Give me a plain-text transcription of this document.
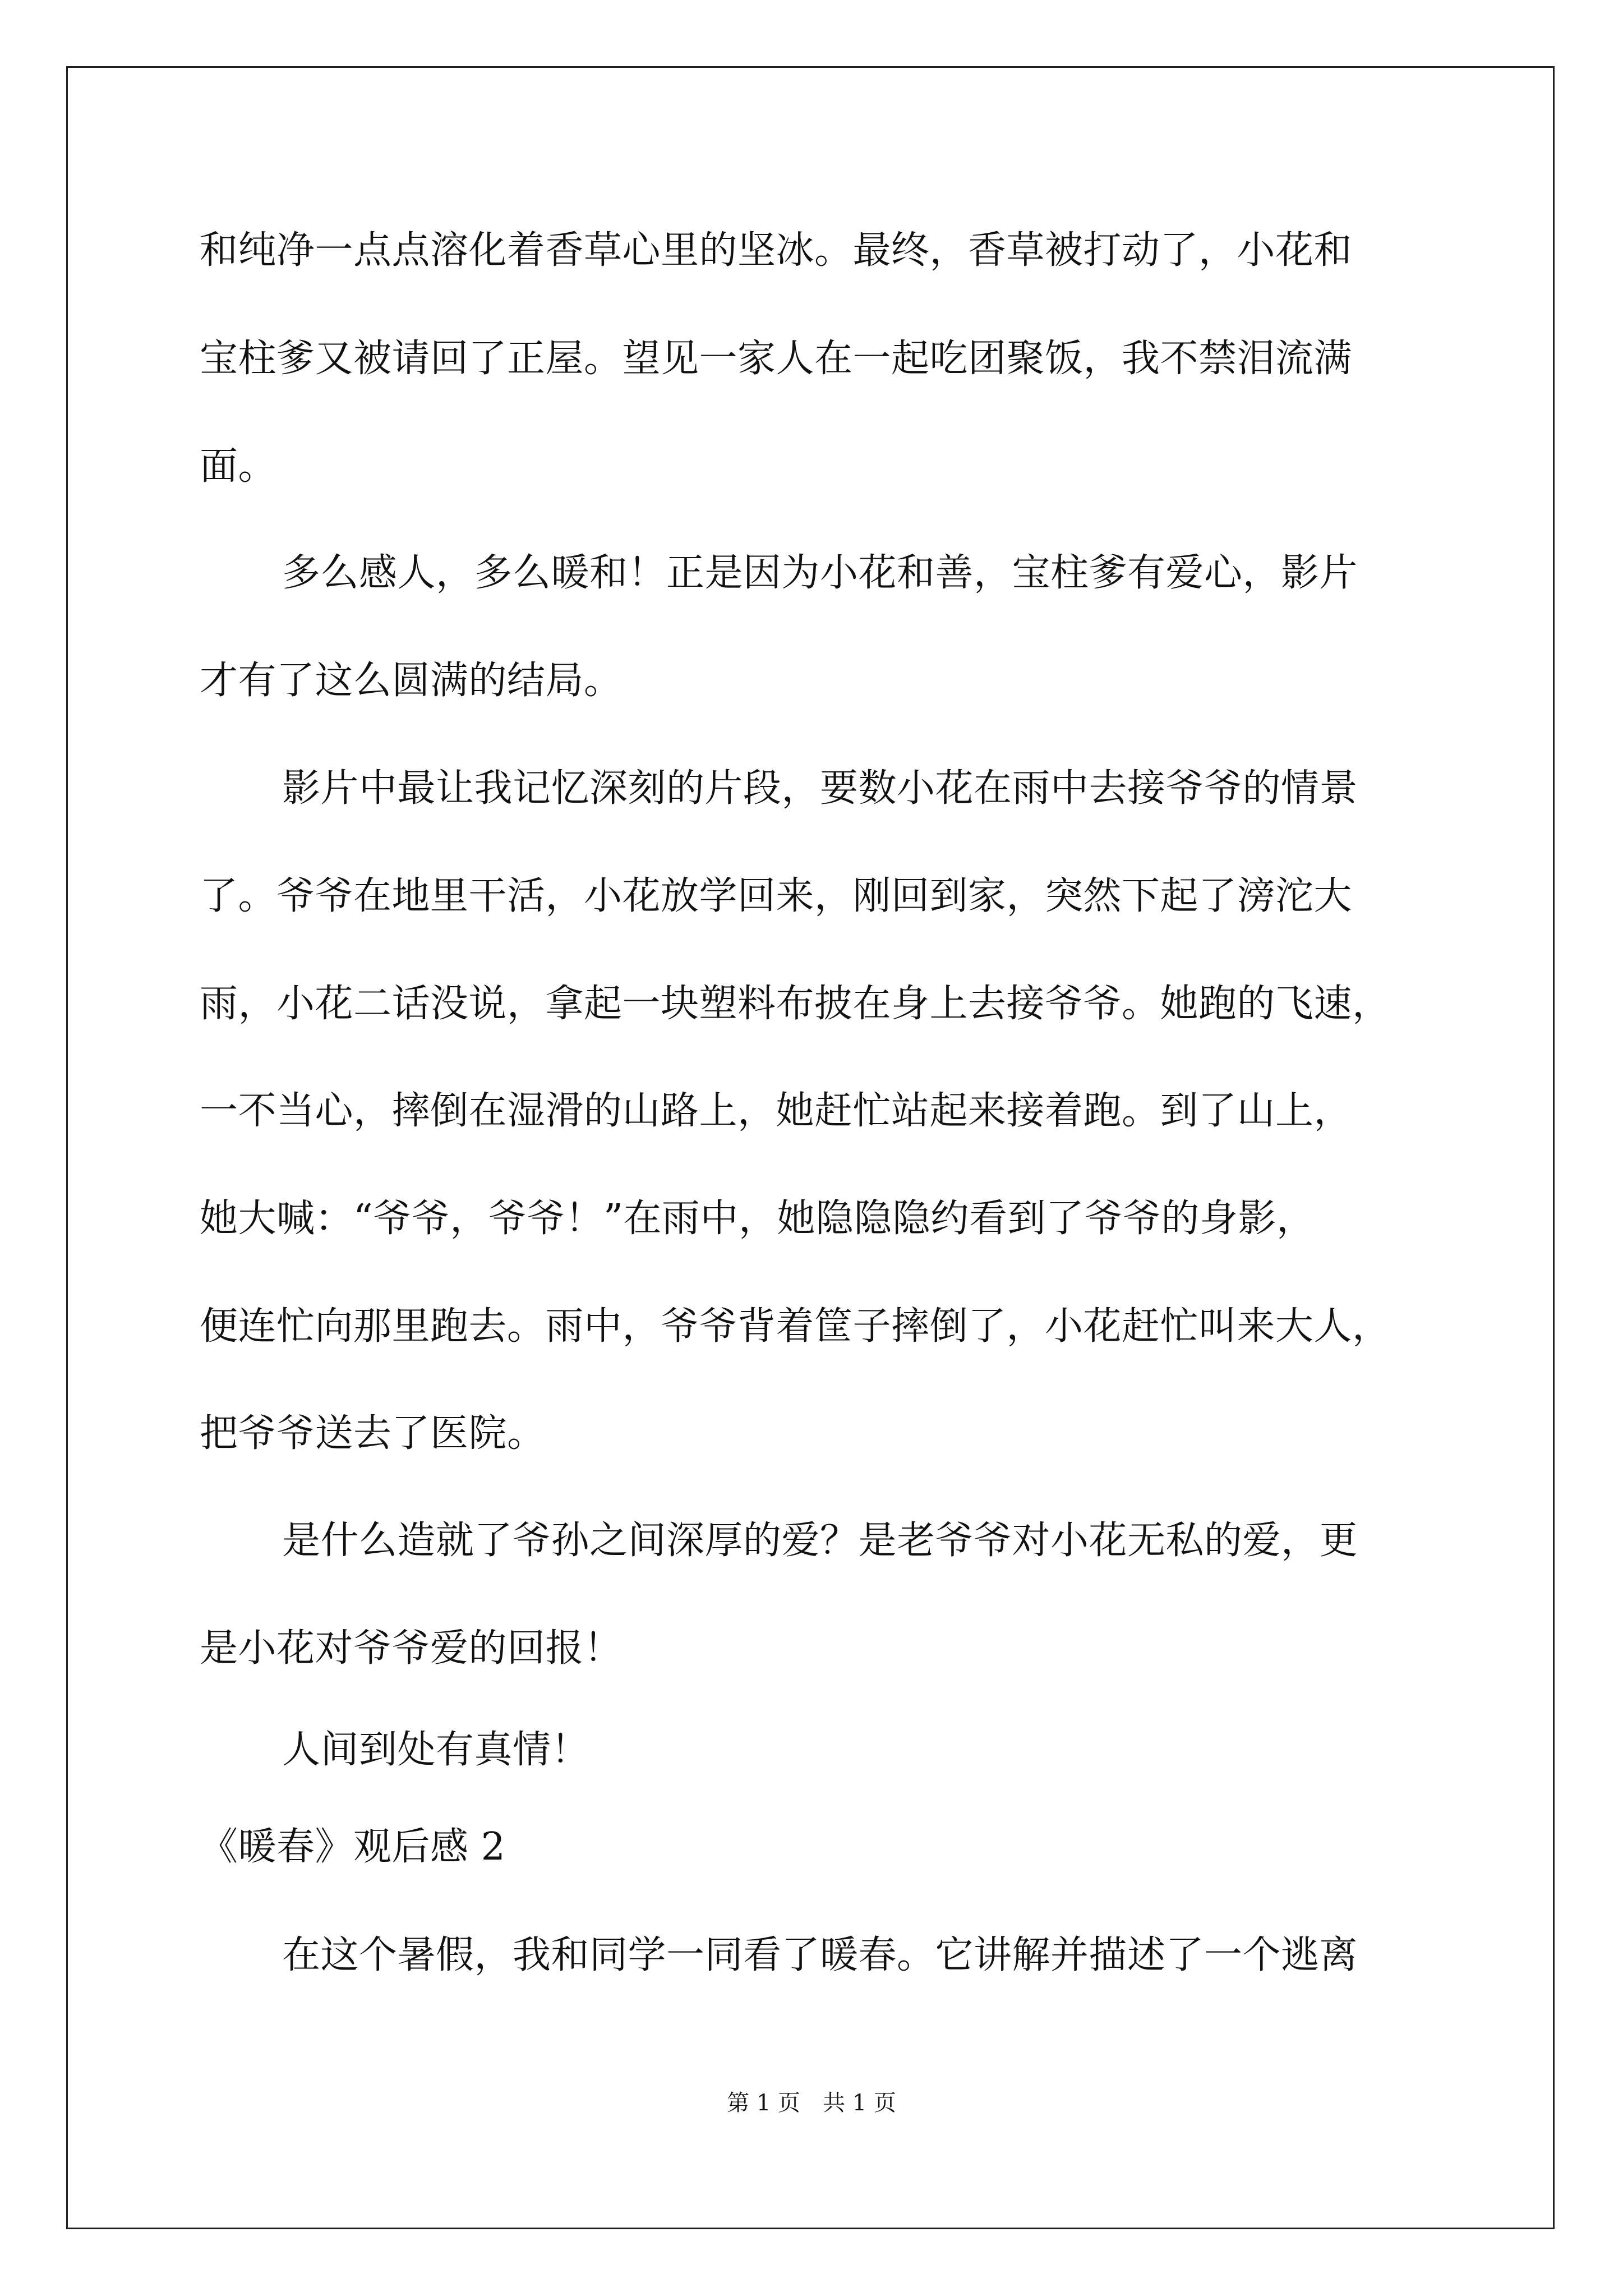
和纯净一点点溶化着香草心里的坚冰。最终，香草被打动了，小花和
宝柱爹又被请回了正屋。望见一家人在一起吃团聚饭，我不禁泪流满
面。
多么感人，多么暖和！正是因为小花和善，宝柱爹有爱心，影片
才有了这么圆满的结局。
影片中最让我记忆深刻的片段，要数小花在雨中去接爷爷的情景
了。爷爷在地里干活，小花放学回来，刚回到家，突然下起了滂沱大
雨，小花二话没说，拿起一块塑料布披在身上去接爷爷。她跑的飞速，
一不当心，摔倒在湿滑的山路上，她赶忙站起来接着跑。到了山上，
她大喊：“爷爷，爷爷！”在雨中，她隐隐隐约看到了爷爷的身影，
便连忙向那里跑去。雨中，爷爷背着筐子摔倒了，小花赶忙叫来大人，
把爷爷送去了医院。
是什么造就了爷孙之间深厚的爱？是老爷爷对小花无私的爱，更
是小花对爷爷爱的回报！
人间到处有真情！
《暖春》观后感 2
在这个暑假，我和同学一同看了暖春。它讲解并描述了一个逃离
第 1 页　共 1 页
